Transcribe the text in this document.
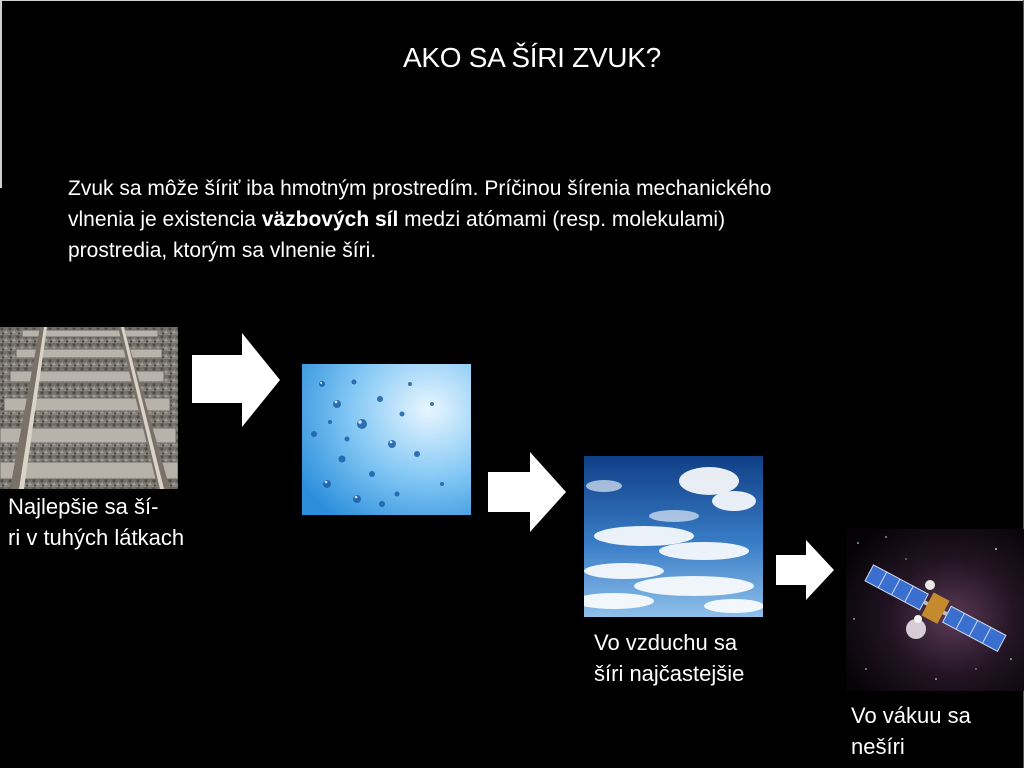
AKO SA ŠÍRI ZVUK?
Zvuk sa môže šíriť iba hmotným prostredím. Príčinou šírenia mechanického
vlnenia je existencia väzbových síl medzi atómami (resp. molekulami)
prostredia, ktorým sa vlnenie šíri.
Najlepšie sa ší-
ri v tuhých látkach
Vo vzduchu sa
šíri najčastejšie
Vo vákuu sa
nešíri
